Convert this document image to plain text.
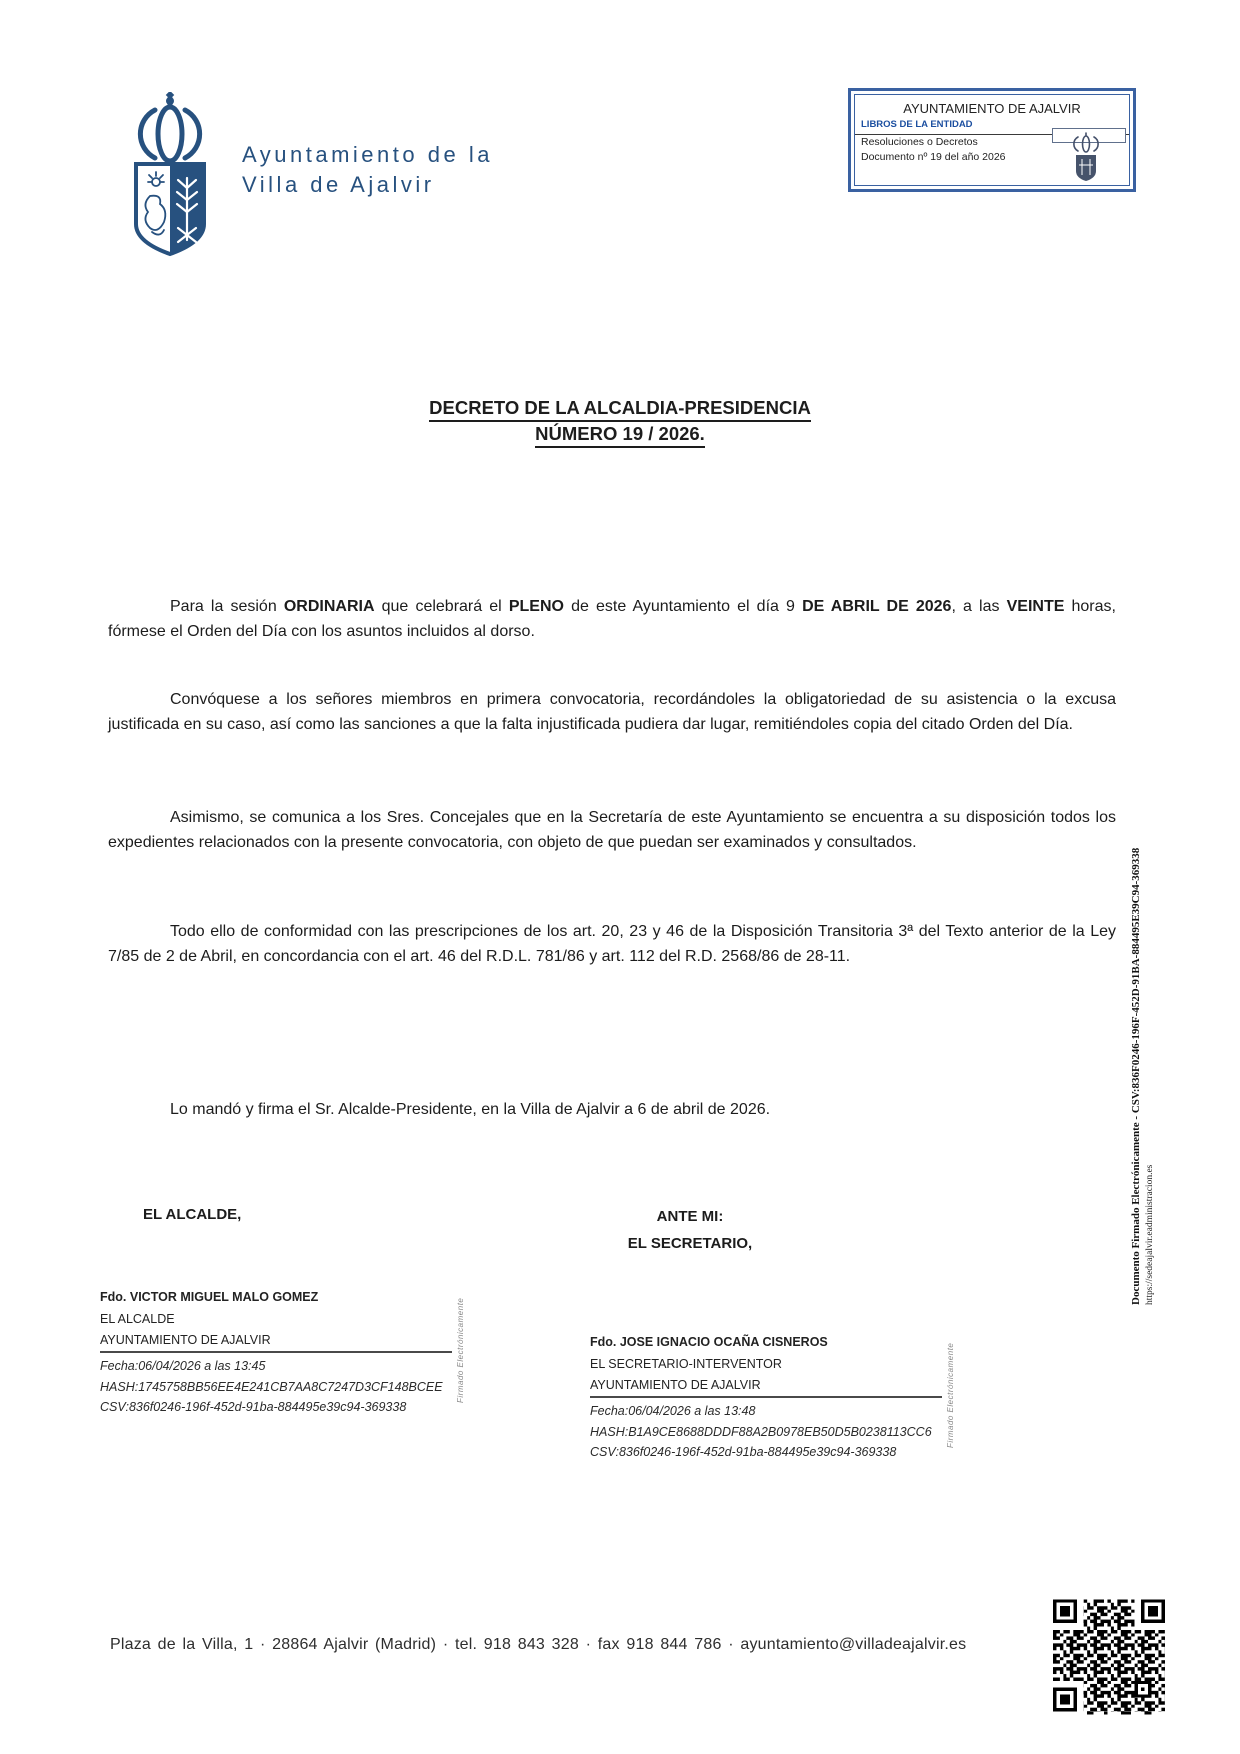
Ayuntamiento de la
Villa de Ajalvir
AYUNTAMIENTO DE AJALVIR
LIBROS DE LA ENTIDAD
Resoluciones o Decretos
Documento nº 19 del año 2026
DECRETO DE LA ALCALDIA-PRESIDENCIA
NÚMERO 19 / 2026.

Para la sesión ORDINARIA que celebrará el PLENO de este Ayuntamiento el día 9 DE ABRIL DE 2026, a las VEINTE horas, fórmese el Orden del Día con los asuntos incluidos al dorso.

Convóquese a los señores miembros en primera convocatoria, recordándoles la obligatoriedad de su asistencia o la excusa justificada en su caso, así como las sanciones a que la falta injustificada pudiera dar lugar, remitiéndoles copia del citado Orden del Día.

Asimismo, se comunica a los Sres. Concejales que en la Secretaría de este Ayuntamiento se encuentra a su disposición todos los expedientes relacionados con la presente convocatoria, con objeto de que puedan ser examinados y consultados.

Todo ello de conformidad con las prescripciones de los art. 20, 23 y 46 de la Disposición Transitoria 3ª del Texto anterior de la Ley 7/85 de 2 de Abril, en concordancia con el art. 46 del R.D.L. 781/86 y art. 112 del R.D. 2568/86 de 28-11.

Lo mandó y firma el Sr. Alcalde-Presidente, en la Villa de Ajalvir a 6 de abril de 2026.

EL ALCALDE,	ANTE MI:
EL SECRETARIO,
Fdo. VICTOR MIGUEL MALO GOMEZ
EL ALCALDE
AYUNTAMIENTO DE AJALVIR
Fecha:06/04/2026 a las 13:45
HASH:1745758BB56EE4E241CB7AA8C7247D3CF148BCEE
CSV:836f0246-196f-452d-91ba-884495e39c94-369338
Firmado Electrónicamente	Fdo. JOSE IGNACIO OCAÑA CISNEROS
EL SECRETARIO-INTERVENTOR
AYUNTAMIENTO DE AJALVIR
Fecha:06/04/2026 a las 13:48
HASH:B1A9CE8688DDDF88A2B0978EB50D5B0238113CC6
CSV:836f0246-196f-452d-91ba-884495e39c94-369338
Firmado Electrónicamente
Documento Firmado Electrónicamente - CSV:836F0246-196F-452D-91BA-884495E39C94-369338 https://sedeajalvir.eadministracion.es
Plaza de la Villa, 1 · 28864 Ajalvir (Madrid) · tel. 918 843 328 · fax 918 844 786 · ayuntamiento@villadeajalvir.es
